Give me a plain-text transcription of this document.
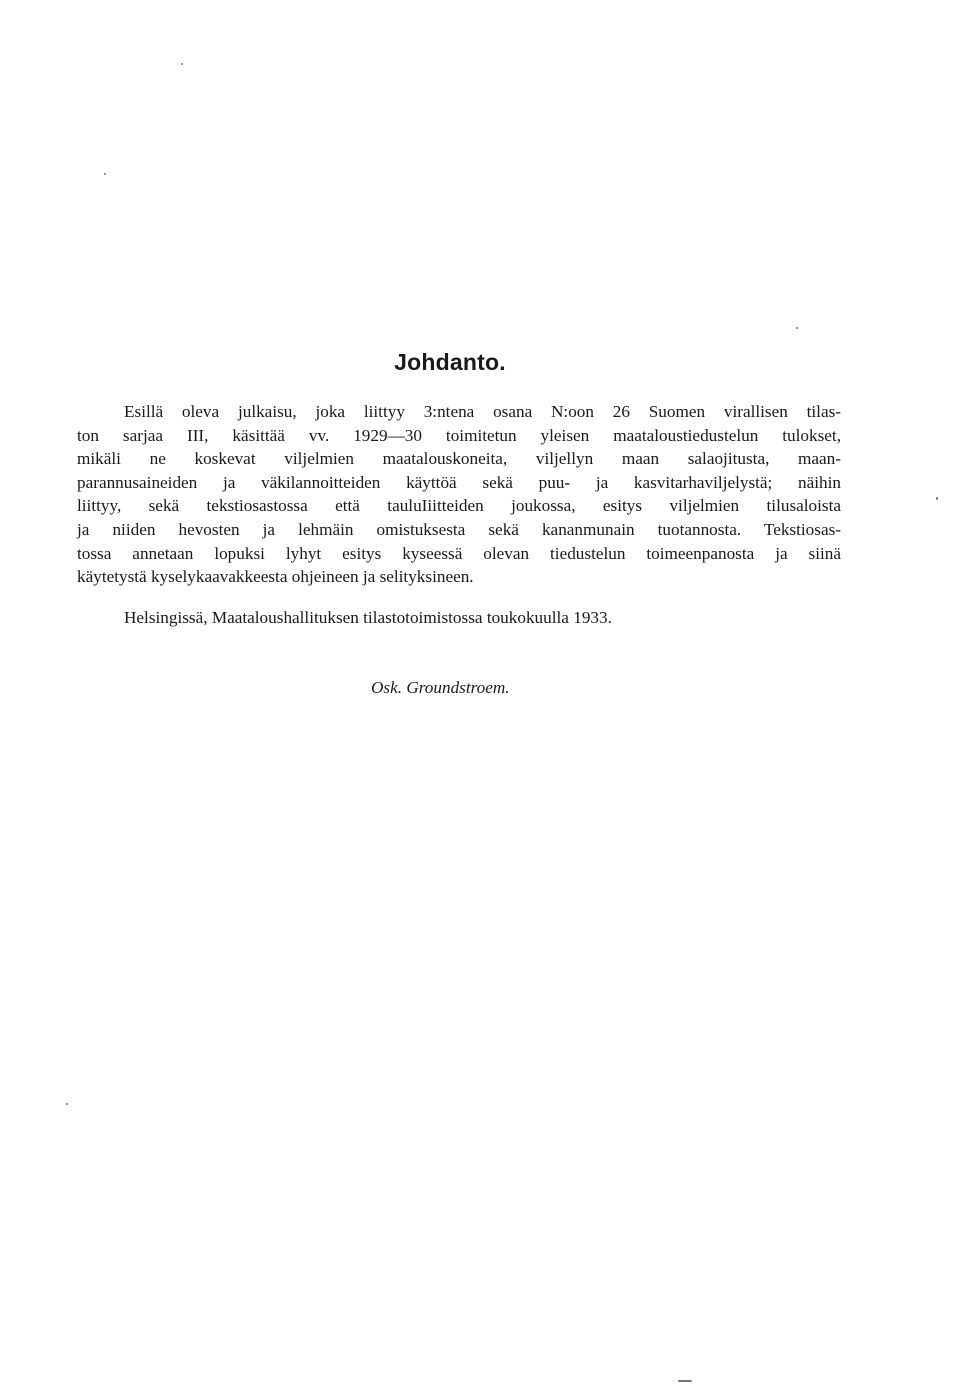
Johdanto.
Esillä oleva julkaisu, joka liittyy 3:ntena osana N:oon 26 Suomen virallisen tilas-
ton sarjaa III, käsittää vv. 1929—30 toimitetun yleisen maataloustiedustelun tulokset,
mikäli ne koskevat viljelmien maatalouskoneita, viljellyn maan salaojitusta, maan-
parannusaineiden ja väkilannoitteiden käyttöä sekä puu- ja kasvitarhaviljelystä; näihin
liittyy, sekä tekstiosastossa että tauluIiitteiden joukossa, esitys viljelmien tilusaloista
ja niiden hevosten ja lehmäin omistuksesta sekä kananmunain tuotannosta. Tekstiosas-
tossa annetaan lopuksi lyhyt esitys kyseessä olevan tiedustelun toimeenpanosta ja siinä
käytetystä kyselykaavakkeesta ohjeineen ja selityksineen.
Helsingissä, Maataloushallituksen tilastotoimistossa toukokuulla 1933.
Osk. Groundstroem.
